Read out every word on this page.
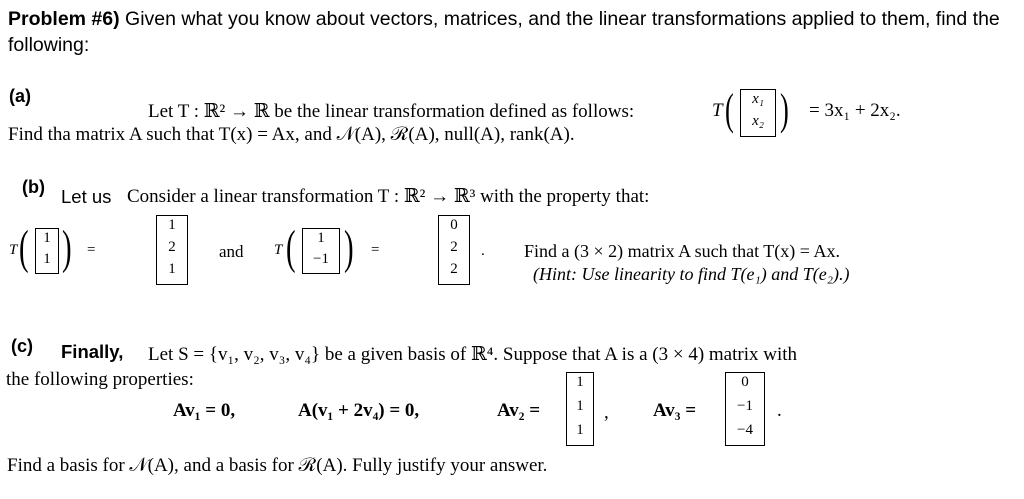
Problem #6) Given what you know about vectors, matrices, and the linear transformations applied to them, find the
following:
(a)
Let T : ℝ² → ℝ be the linear transformation defined as follows:	T (	x₁
x₂ ) = 3x₁ + 2x₂.
Find tha matrix A such that T(x) = Ax, and 𝒩(A), ℛ(A), null(A), rank(A).
(b) Let us Consider a linear transformation T : ℝ² → ℝ³ with the property that:
T ( 1
1 ) =
1
2
1
and T (	1
−1 ) =
0
2
2
. Find a (3 × 2) matrix A such that T(x) = Ax.
(Hint: Use linearity to find T(e₁) and T(e₂).)
(c) Finally, Let S = {v₁, v₂, v₃, v₄} be a given basis of ℝ⁴. Suppose that A is a (3 × 4) matrix with
the following properties:
Av₁ = 0,	A(v₁ + 2v₄) = 0,	Av₂ =
1
1
1
, Av₃ =
0
−1
−4
.
Find a basis for 𝒩(A), and a basis for ℛ(A). Fully justify your answer.
